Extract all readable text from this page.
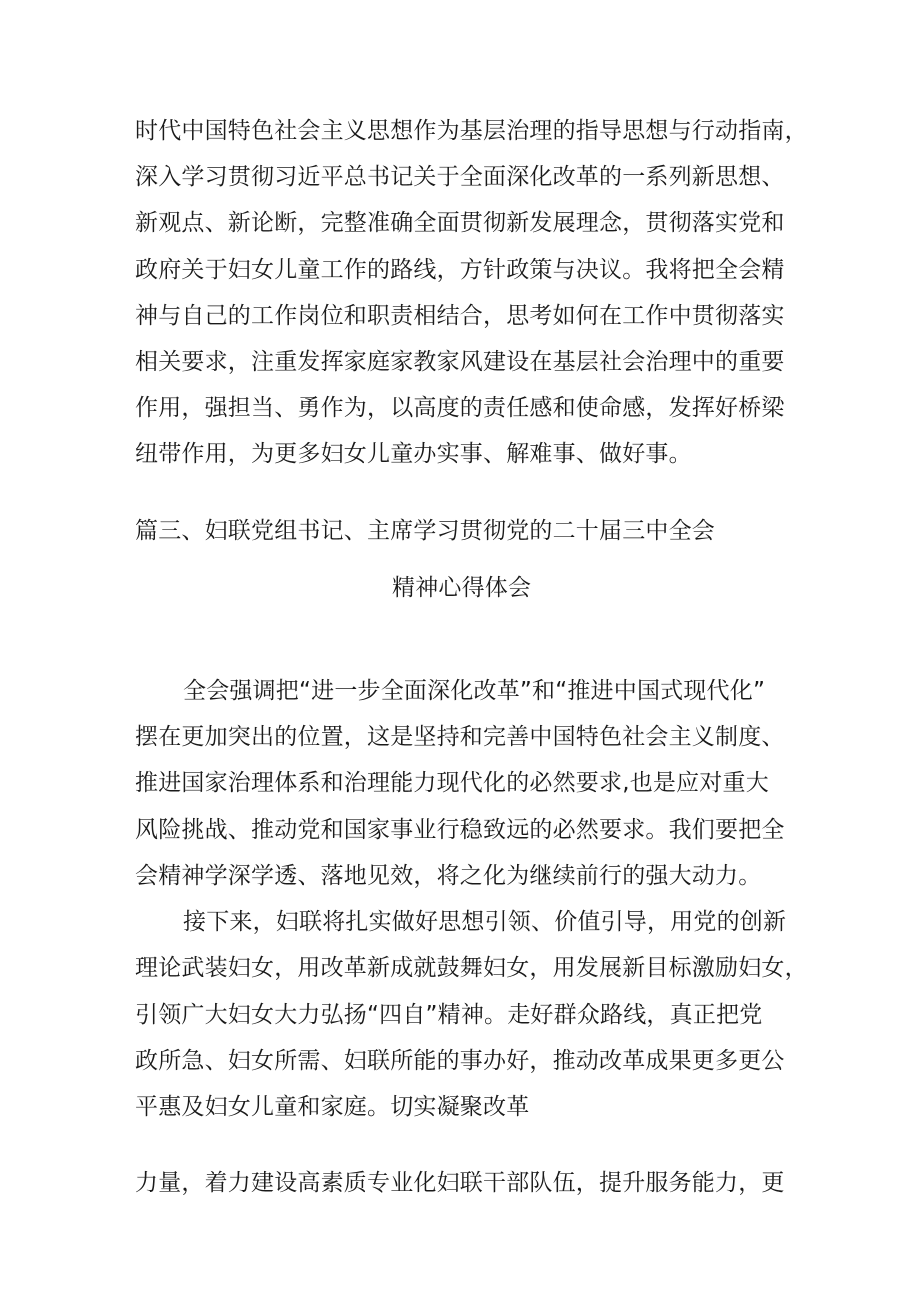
时代中国特色社会主义思想作为基层治理的指导思想与行动指南，
深入学习贯彻习近平总书记关于全面深化改革的一系列新思想、
新观点、新论断，完整准确全面贯彻新发展理念，贯彻落实党和
政府关于妇女儿童工作的路线，方针政策与决议。我将把全会精
神与自己的工作岗位和职责相结合，思考如何在工作中贯彻落实
相关要求，注重发挥家庭家教家风建设在基层社会治理中的重要
作用，强担当、勇作为，以高度的责任感和使命感，发挥好桥梁
纽带作用，为更多妇女儿童办实事、解难事、做好事。
篇三、妇联党组书记、主席学习贯彻党的二十届三中全会
精神心得体会
全会强调把“进一步全面深化改革”和“推进中国式现代化”
摆在更加突出的位置，这是坚持和完善中国特色社会主义制度、
推进国家治理体系和治理能力现代化的必然要求,也是应对重大
风险挑战、推动党和国家事业行稳致远的必然要求。我们要把全
会精神学深学透、落地见效，将之化为继续前行的强大动力。
接下来，妇联将扎实做好思想引领、价值引导，用党的创新
理论武装妇女，用改革新成就鼓舞妇女，用发展新目标激励妇女，
引领广大妇女大力弘扬“四自”精神。走好群众路线，真正把党
政所急、妇女所需、妇联所能的事办好，推动改革成果更多更公
平惠及妇女儿童和家庭。切实凝聚改革
力量，着力建设高素质专业化妇联干部队伍，提升服务能力，更
